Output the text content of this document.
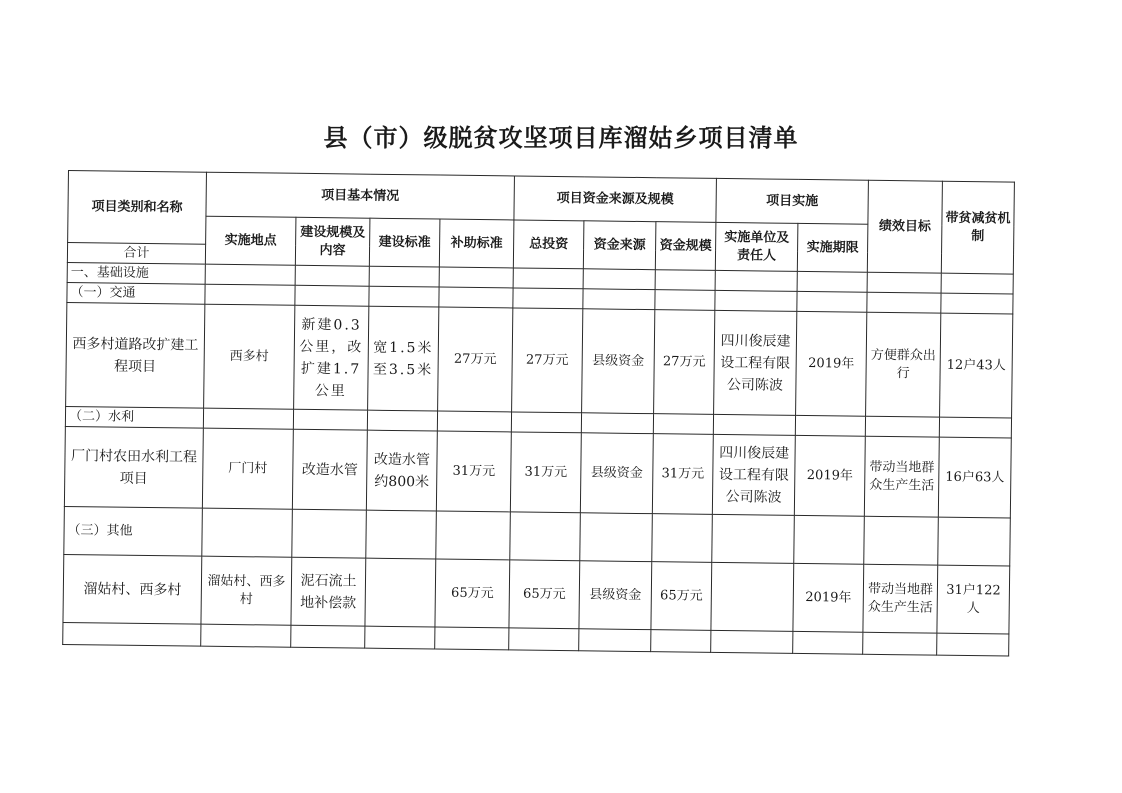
县（市）级脱贫攻坚项目库溜姑乡项目清单
项目类别和名称	项目基本情况				项目资金来源及规模			项目实施		绩效目标	带贫减贫机制
	实施地点	建设规模及内容	建设标准	补助标准	总投资	资金来源	资金规模	实施单位及责任人	实施期限		
合计											
一、基础设施											
（一）交通											
西多村道路改扩建工程项目	西多村	新建0.3公里，改扩建1.7公里	宽1.5米至3.5米	27万元	27万元	县级资金	27万元	四川俊辰建设工程有限公司陈波	2019年	方便群众出行	12户43人
（二）水利											
厂门村农田水利工程项目	厂门村	改造水管	改造水管约800米	31万元	31万元	县级资金	31万元	四川俊辰建设工程有限公司陈波	2019年	带动当地群众生产生活	16户63人
（三）其他											
溜姑村、西多村	溜姑村、西多村	泥石流土地补偿款		65万元	65万元	县级资金	65万元		2019年	带动当地群众生产生活	31户122人
